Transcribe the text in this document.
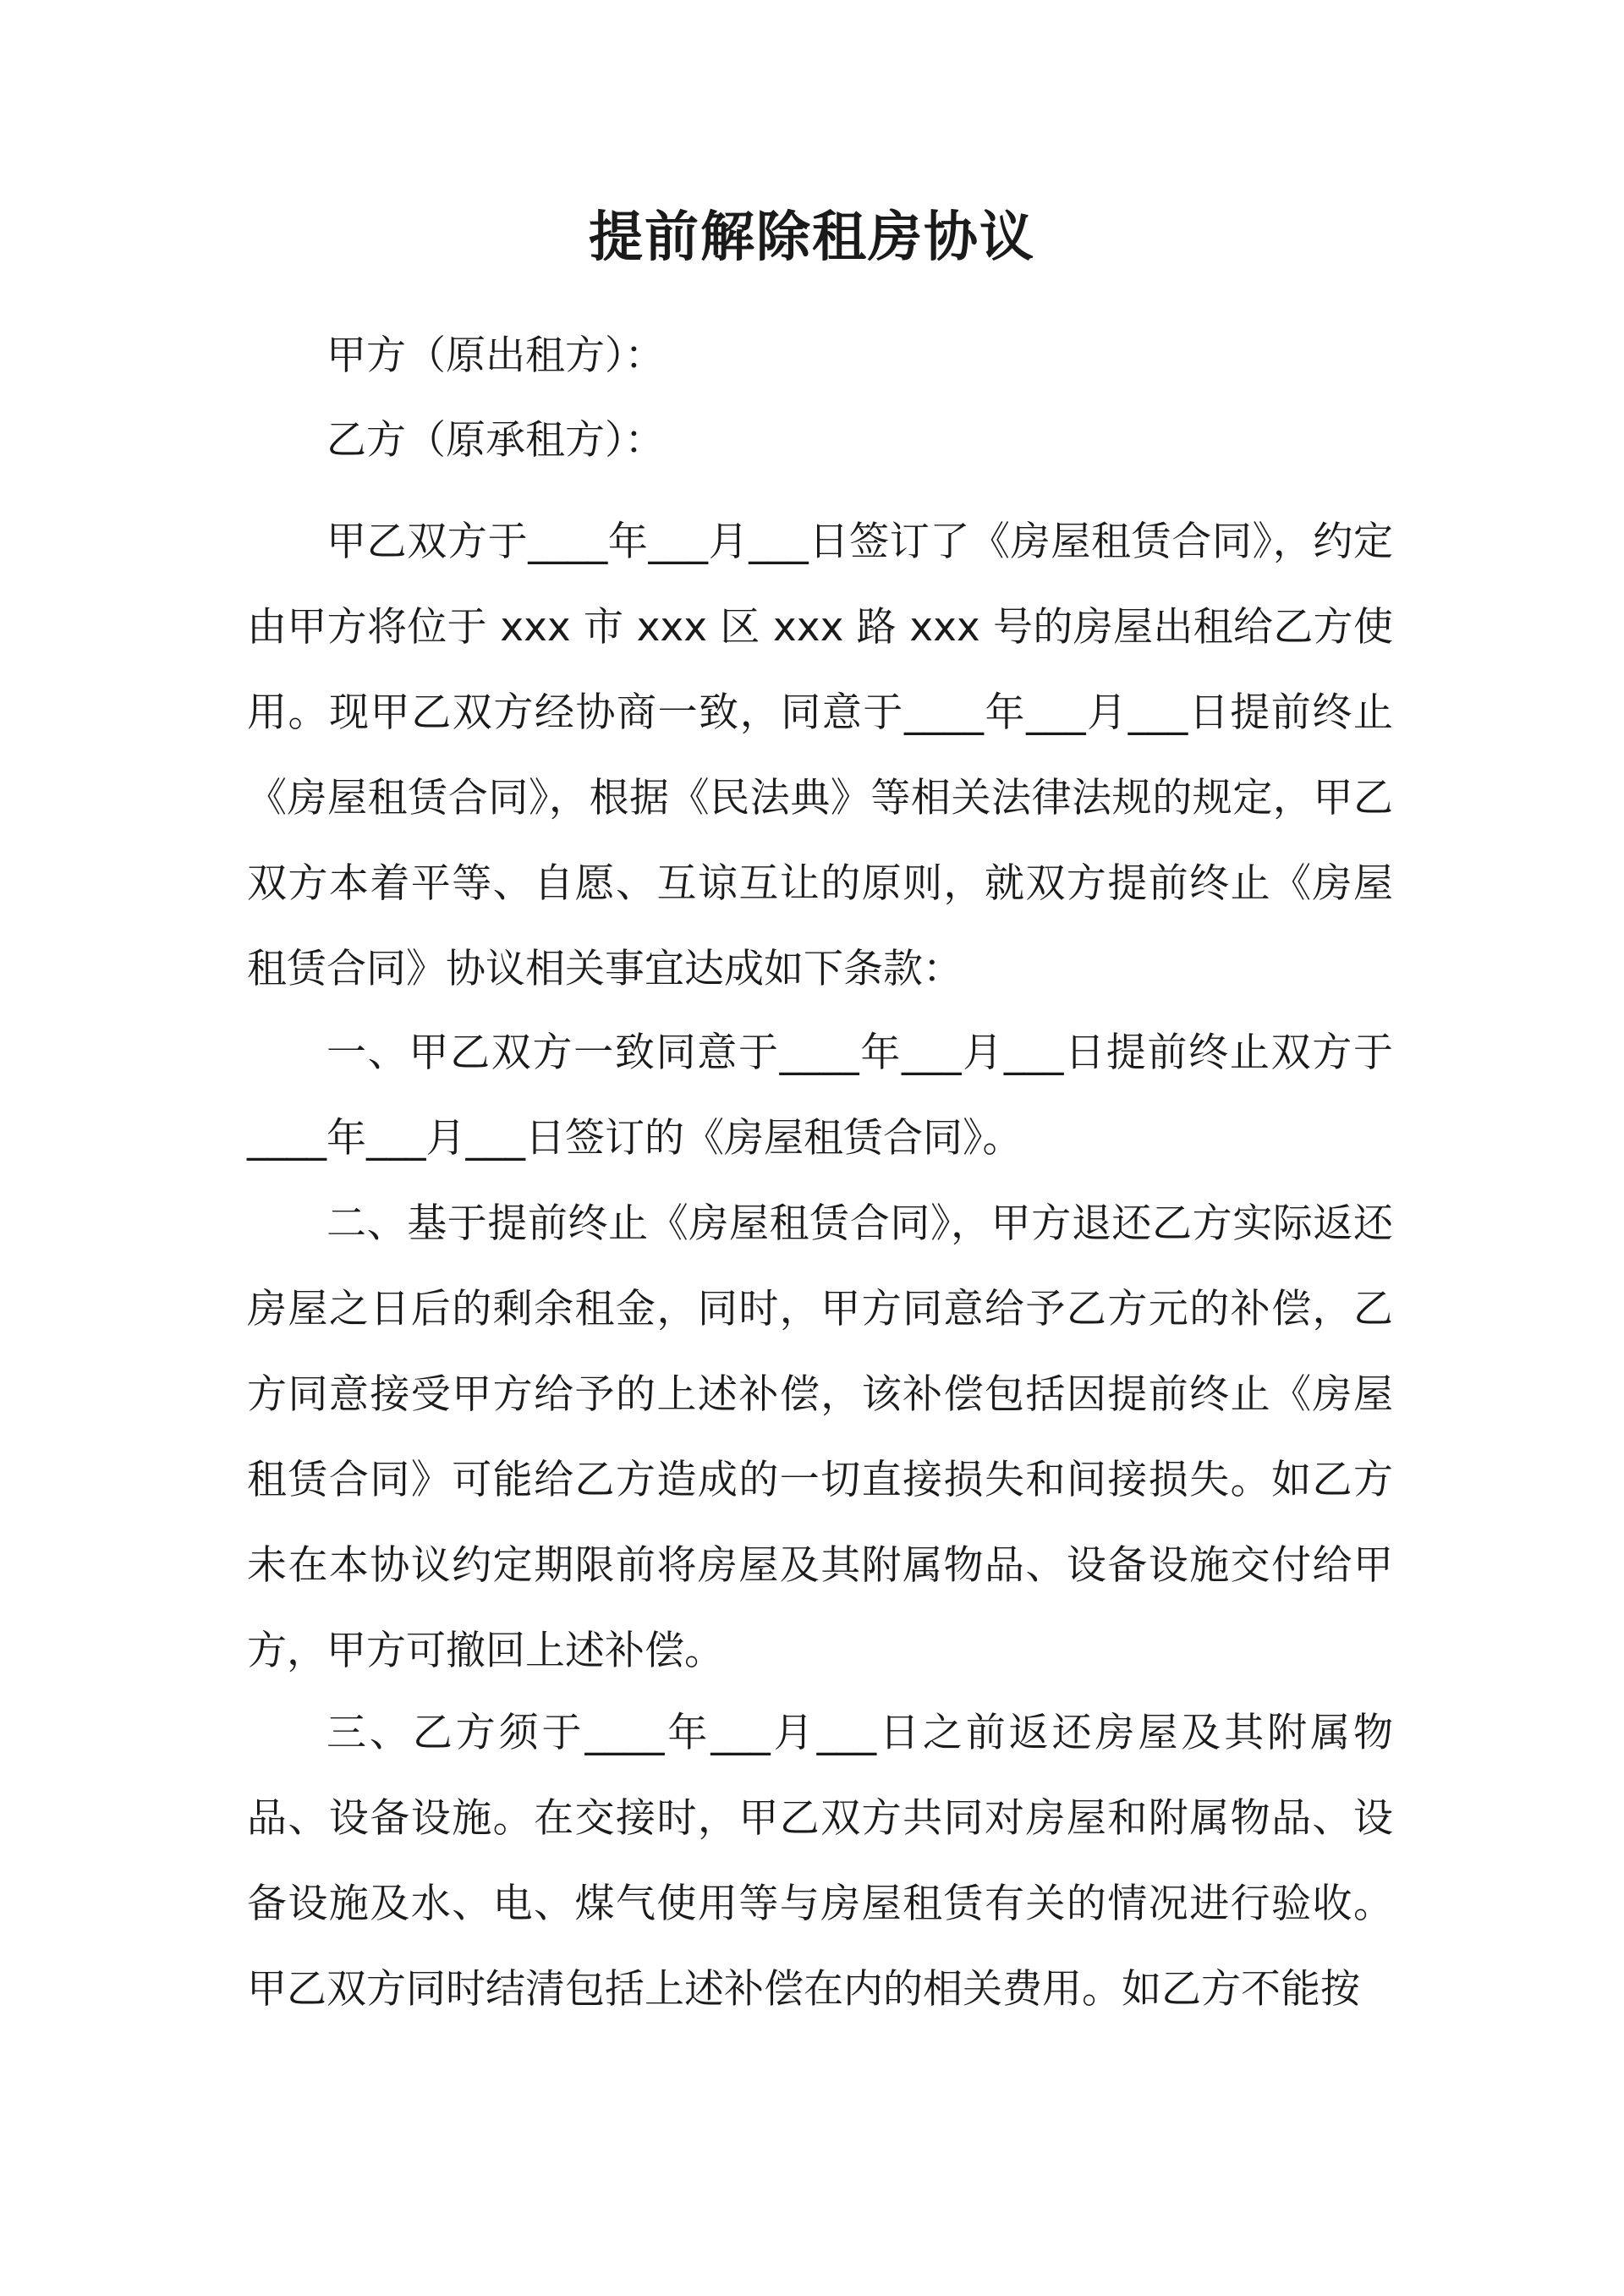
提前解除租房协议

甲方（原出租方）：

乙方（原承租方）：

甲乙双方于____年___月___日签订了《房屋租赁合同》，约定由甲方将位于 xxx 市 xxx 区 xxx 路 xxx 号的房屋出租给乙方使用。现甲乙双方经协商一致，同意于____年___月___日提前终止《房屋租赁合同》，根据《民法典》等相关法律法规的规定，甲乙双方本着平等、自愿、互谅互让的原则，就双方提前终止《房屋租赁合同》协议相关事宜达成如下条款：

一、甲乙双方一致同意于____年___月___日提前终止双方于____年___月___日签订的《房屋租赁合同》。

二、基于提前终止《房屋租赁合同》，甲方退还乙方实际返还房屋之日后的剩余租金，同时，甲方同意给予乙方元的补偿，乙方同意接受甲方给予的上述补偿，该补偿包括因提前终止《房屋租赁合同》可能给乙方造成的一切直接损失和间接损失。如乙方未在本协议约定期限前将房屋及其附属物品、设备设施交付给甲方，甲方可撤回上述补偿。

三、乙方须于____年___月___日之前返还房屋及其附属物品、设备设施。在交接时，甲乙双方共同对房屋和附属物品、设备设施及水、电、煤气使用等与房屋租赁有关的情况进行验收。甲乙双方同时结清包括上述补偿在内的相关费用。如乙方不能按
